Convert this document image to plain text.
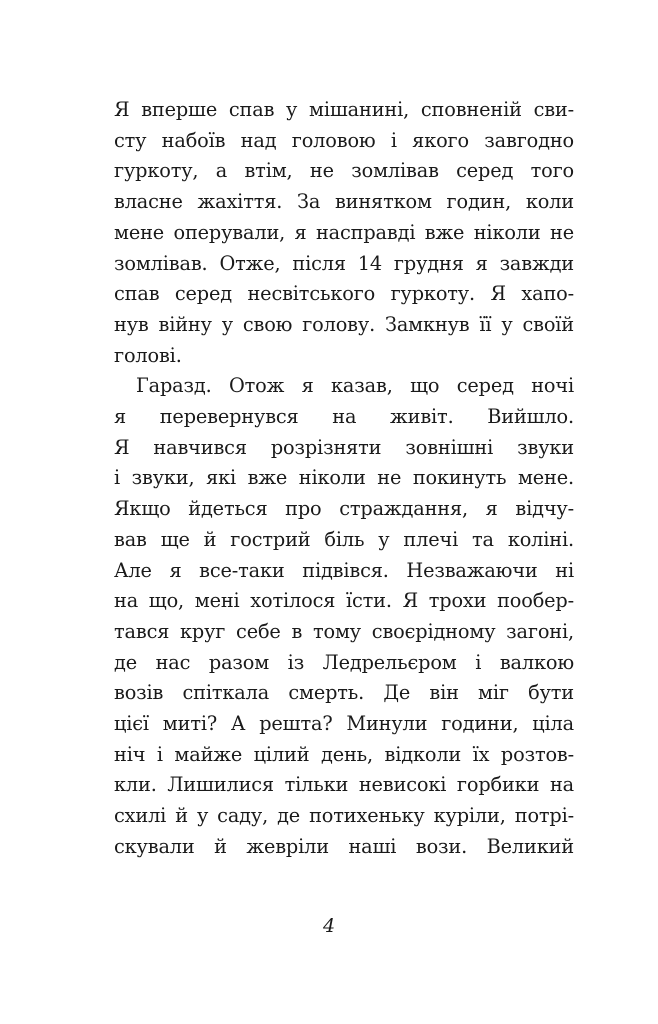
Я вперше спав у мішанині, сповненій сви-
сту набоїв над головою і якого завгодно
гуркоту, а втім, не зомлівав серед того
власне жахіття. За винятком годин, коли
мене оперували, я насправді вже ніколи не
зомлівав. Отже, після 14 грудня я завжди
спав серед несвітського гуркоту. Я хапо-
нув війну у свою голову. Замкнув її у своїй
голові.
Гаразд. Отож я казав, що серед ночі
я перевернувся на живіт. Вийшло.
Я навчився розрізняти зовнішні звуки
і звуки, які вже ніколи не покинуть мене.
Якщо йдеться про страждання, я відчу-
вав ще й гострий біль у плечі та коліні.
Але я все-таки підвівся. Незважаючи ні
на що, мені хотілося їсти. Я трохи пообер-
тався круг себе в тому своєрідному загоні,
де нас разом із Ледрельєром і валкою
возів спіткала смерть. Де він міг бути
цієї миті? А решта? Минули години, ціла
ніч і майже цілий день, відколи їх розтов-
кли. Лишилися тільки невисокі горбики на
схилі й у саду, де потихеньку куріли, потрі-
скували й жевріли наші вози. Великий
4
